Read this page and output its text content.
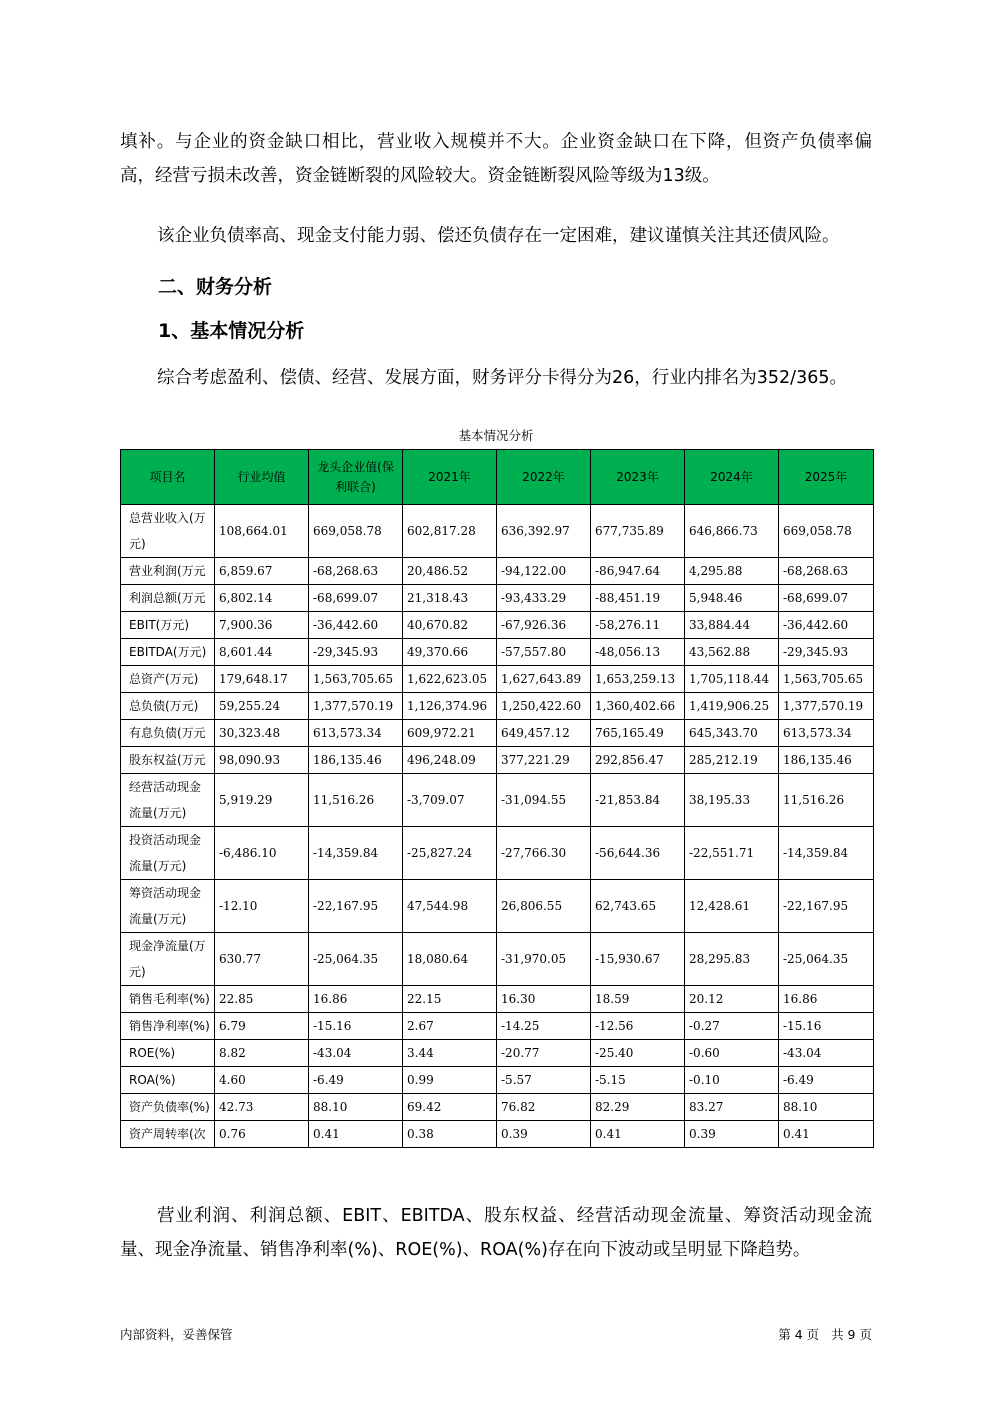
填补。与企业的资金缺口相比，营业收入规模并不大。企业资金缺口在下降，但资产负债率偏高，经营亏损未改善，资金链断裂的风险较大。资金链断裂风险等级为13级。
该企业负债率高、现金支付能力弱、偿还负债存在一定困难，建议谨慎关注其还债风险。
二、财务分析
1、基本情况分析
综合考虑盈利、偿债、经营、发展方面，财务评分卡得分为26，行业内排名为352/365。
基本情况分析
项目名	行业均值	龙头企业值(保利联合)	2021年	2022年	2023年	2024年	2025年
总营业收入(万元)	108,664.01	669,058.78	602,817.28	636,392.97	677,735.89	646,866.73	669,058.78
营业利润(万元	6,859.67	-68,268.63	20,486.52	-94,122.00	-86,947.64	4,295.88	-68,268.63
利润总额(万元	6,802.14	-68,699.07	21,318.43	-93,433.29	-88,451.19	5,948.46	-68,699.07
EBIT(万元)	7,900.36	-36,442.60	40,670.82	-67,926.36	-58,276.11	33,884.44	-36,442.60
EBITDA(万元)	8,601.44	-29,345.93	49,370.66	-57,557.80	-48,056.13	43,562.88	-29,345.93
总资产(万元)	179,648.17	1,563,705.65	1,622,623.05	1,627,643.89	1,653,259.13	1,705,118.44	1,563,705.65
总负债(万元)	59,255.24	1,377,570.19	1,126,374.96	1,250,422.60	1,360,402.66	1,419,906.25	1,377,570.19
有息负债(万元	30,323.48	613,573.34	609,972.21	649,457.12	765,165.49	645,343.70	613,573.34
股东权益(万元	98,090.93	186,135.46	496,248.09	377,221.29	292,856.47	285,212.19	186,135.46
经营活动现金流量(万元)	5,919.29	11,516.26	-3,709.07	-31,094.55	-21,853.84	38,195.33	11,516.26
投资活动现金流量(万元)	-6,486.10	-14,359.84	-25,827.24	-27,766.30	-56,644.36	-22,551.71	-14,359.84
筹资活动现金流量(万元)	-12.10	-22,167.95	47,544.98	26,806.55	62,743.65	12,428.61	-22,167.95
现金净流量(万元)	630.77	-25,064.35	18,080.64	-31,970.05	-15,930.67	28,295.83	-25,064.35
销售毛利率(%)	22.85	16.86	22.15	16.30	18.59	20.12	16.86
销售净利率(%)	6.79	-15.16	2.67	-14.25	-12.56	-0.27	-15.16
ROE(%)	8.82	-43.04	3.44	-20.77	-25.40	-0.60	-43.04
ROA(%)	4.60	-6.49	0.99	-5.57	-5.15	-0.10	-6.49
资产负债率(%)	42.73	88.10	69.42	76.82	82.29	83.27	88.10
资产周转率(次	0.76	0.41	0.38	0.39	0.41	0.39	0.41
营业利润、利润总额、EBIT、EBITDA、股东权益、经营活动现金流量、筹资活动现金流量、现金净流量、销售净利率(%)、ROE(%)、ROA(%)存在向下波动或呈明显下降趋势。
内部资料，妥善保管	第 4 页   共 9 页
